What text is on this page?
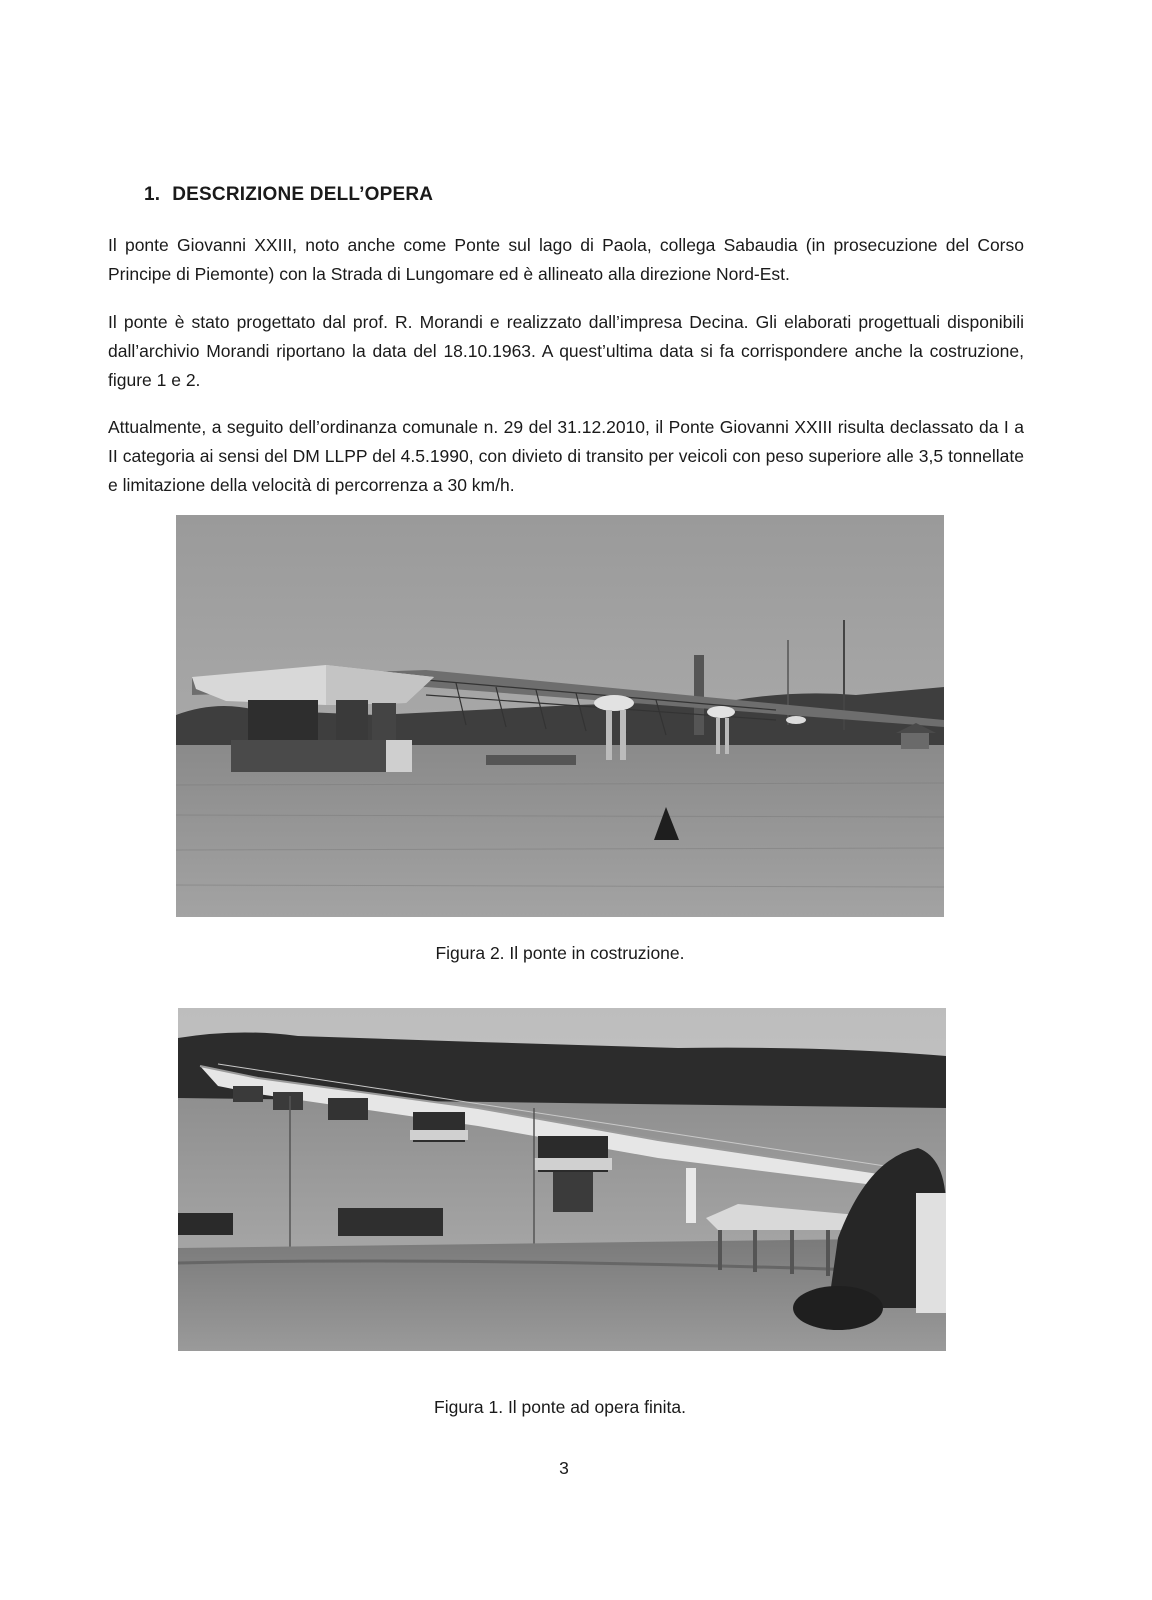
1. DESCRIZIONE DELL’OPERA

Il ponte Giovanni XXIII, noto anche come Ponte sul lago di Paola, collega Sabaudia (in prosecuzione del Corso Principe di Piemonte) con la Strada di Lungomare ed è allineato alla direzione Nord-Est.

Il ponte è stato progettato dal prof. R. Morandi e realizzato dall’impresa Decina. Gli elaborati progettuali disponibili dall’archivio Morandi riportano la data del 18.10.1963. A quest’ultima data si fa corrispondere anche la costruzione, figure 1 e 2.

Attualmente, a seguito dell’ordinanza comunale n. 29 del 31.12.2010, il Ponte Giovanni XXIII risulta declassato da I a II categoria ai sensi del DM LLPP del 4.5.1990, con divieto di transito per veicoli con peso superiore alle 3,5 tonnellate e limitazione della velocità di percorrenza a 30 km/h.

Figura 2. Il ponte in costruzione.
Figura 1. Il ponte ad opera finita.
3
